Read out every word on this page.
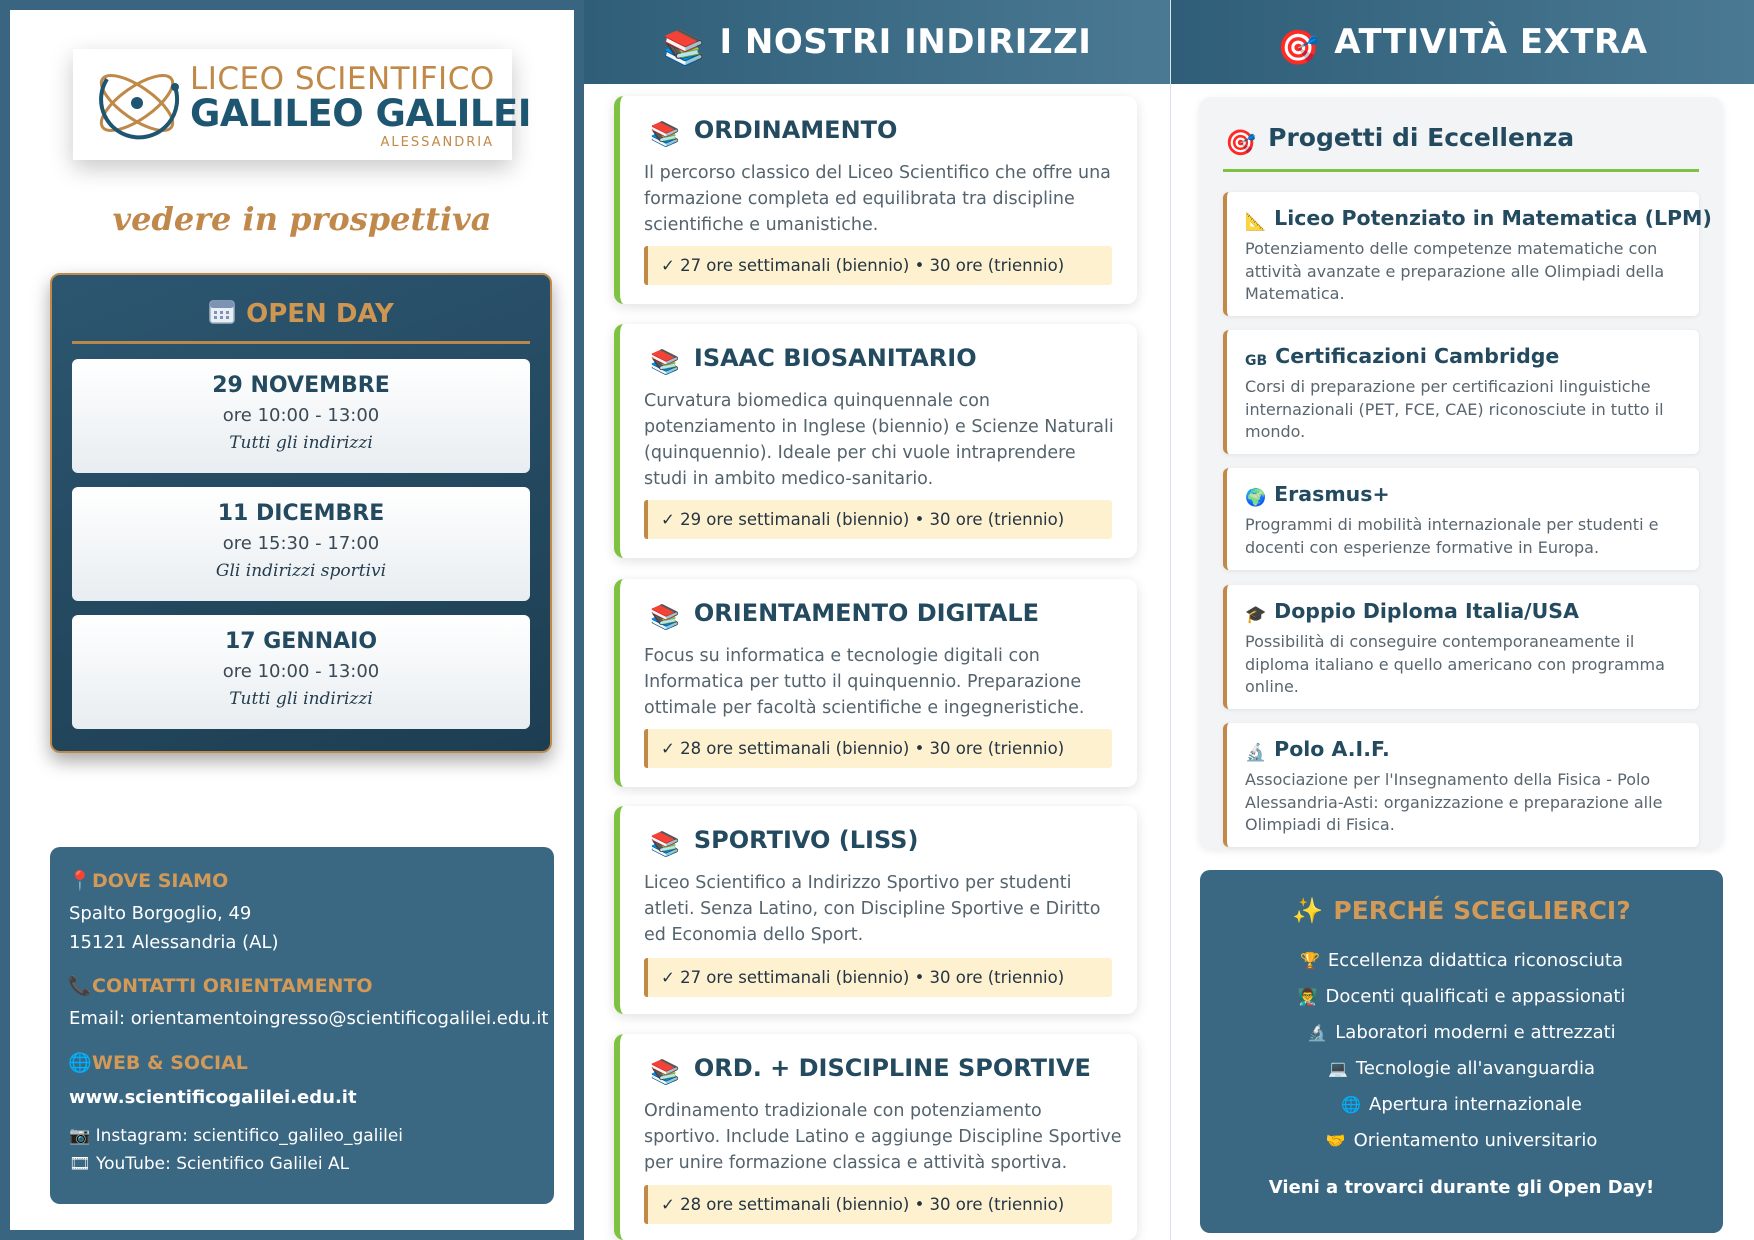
LICEO SCIENTIFICO
GALILEO GALILEI
ALESSANDRIA
vedere in prospettiva
OPEN DAY
29 NOVEMBRE
ore 10:00 - 13:00
Tutti gli indirizzi
11 DICEMBRE
ore 15:30 - 17:00
Gli indirizzi sportivi
17 GENNAIO
ore 10:00 - 13:00
Tutti gli indirizzi
📍DOVE SIAMO
Spalto Borgoglio, 49
15121 Alessandria (AL)
📞CONTATTI ORIENTAMENTO
Email: orientamentoingresso@scientificogalilei.edu.it
🌐WEB & SOCIAL
www.scientificogalilei.edu.it
📷 Instagram: scientifico_galileo_galilei
🎞 YouTube: Scientifico Galilei AL
📚 I NOSTRI INDIRIZZI
📚 ORDINAMENTO
Il percorso classico del Liceo Scientifico che offre una formazione completa ed equilibrata tra discipline scientifiche e umanistiche.
✓ 27 ore settimanali (biennio) • 30 ore (triennio)
📚 ISAAC BIOSANITARIO
Curvatura biomedica quinquennale con potenziamento in Inglese (biennio) e Scienze Naturali (quinquennio). Ideale per chi vuole intraprendere studi in ambito medico-sanitario.
✓ 29 ore settimanali (biennio) • 30 ore (triennio)
📚 ORIENTAMENTO DIGITALE
Focus su informatica e tecnologie digitali con Informatica per tutto il quinquennio. Preparazione ottimale per facoltà scientifiche e ingegneristiche.
✓ 28 ore settimanali (biennio) • 30 ore (triennio)
📚 SPORTIVO (LISS)
Liceo Scientifico a Indirizzo Sportivo per studenti atleti. Senza Latino, con Discipline Sportive e Diritto ed Economia dello Sport.
✓ 27 ore settimanali (biennio) • 30 ore (triennio)
📚 ORD. + DISCIPLINE SPORTIVE
Ordinamento tradizionale con potenziamento sportivo. Include Latino e aggiunge Discipline Sportive per unire formazione classica e attività sportiva.
✓ 28 ore settimanali (biennio) • 30 ore (triennio)
🎯 ATTIVITÀ EXTRA
🎯 Progetti di Eccellenza
📐 Liceo Potenziato in Matematica (LPM)
Potenziamento delle competenze matematiche con attività avanzate e preparazione alle Olimpiadi della Matematica.
GB Certificazioni Cambridge
Corsi di preparazione per certificazioni linguistiche internazionali (PET, FCE, CAE) riconosciute in tutto il mondo.
🌍 Erasmus+
Programmi di mobilità internazionale per studenti e docenti con esperienze formative in Europa.
🎓 Doppio Diploma Italia/USA
Possibilità di conseguire contemporaneamente il diploma italiano e quello americano con programma online.
🔬 Polo A.I.F.
Associazione per l'Insegnamento della Fisica - Polo Alessandria-Asti: organizzazione e preparazione alle Olimpiadi di Fisica.
✨ PERCHÉ SCEGLIERCI?
🏆 Eccellenza didattica riconosciuta
👨‍🏫 Docenti qualificati e appassionati
🔬 Laboratori moderni e attrezzati
💻 Tecnologie all'avanguardia
🌐 Apertura internazionale
🤝 Orientamento universitario
Vieni a trovarci durante gli Open Day!
